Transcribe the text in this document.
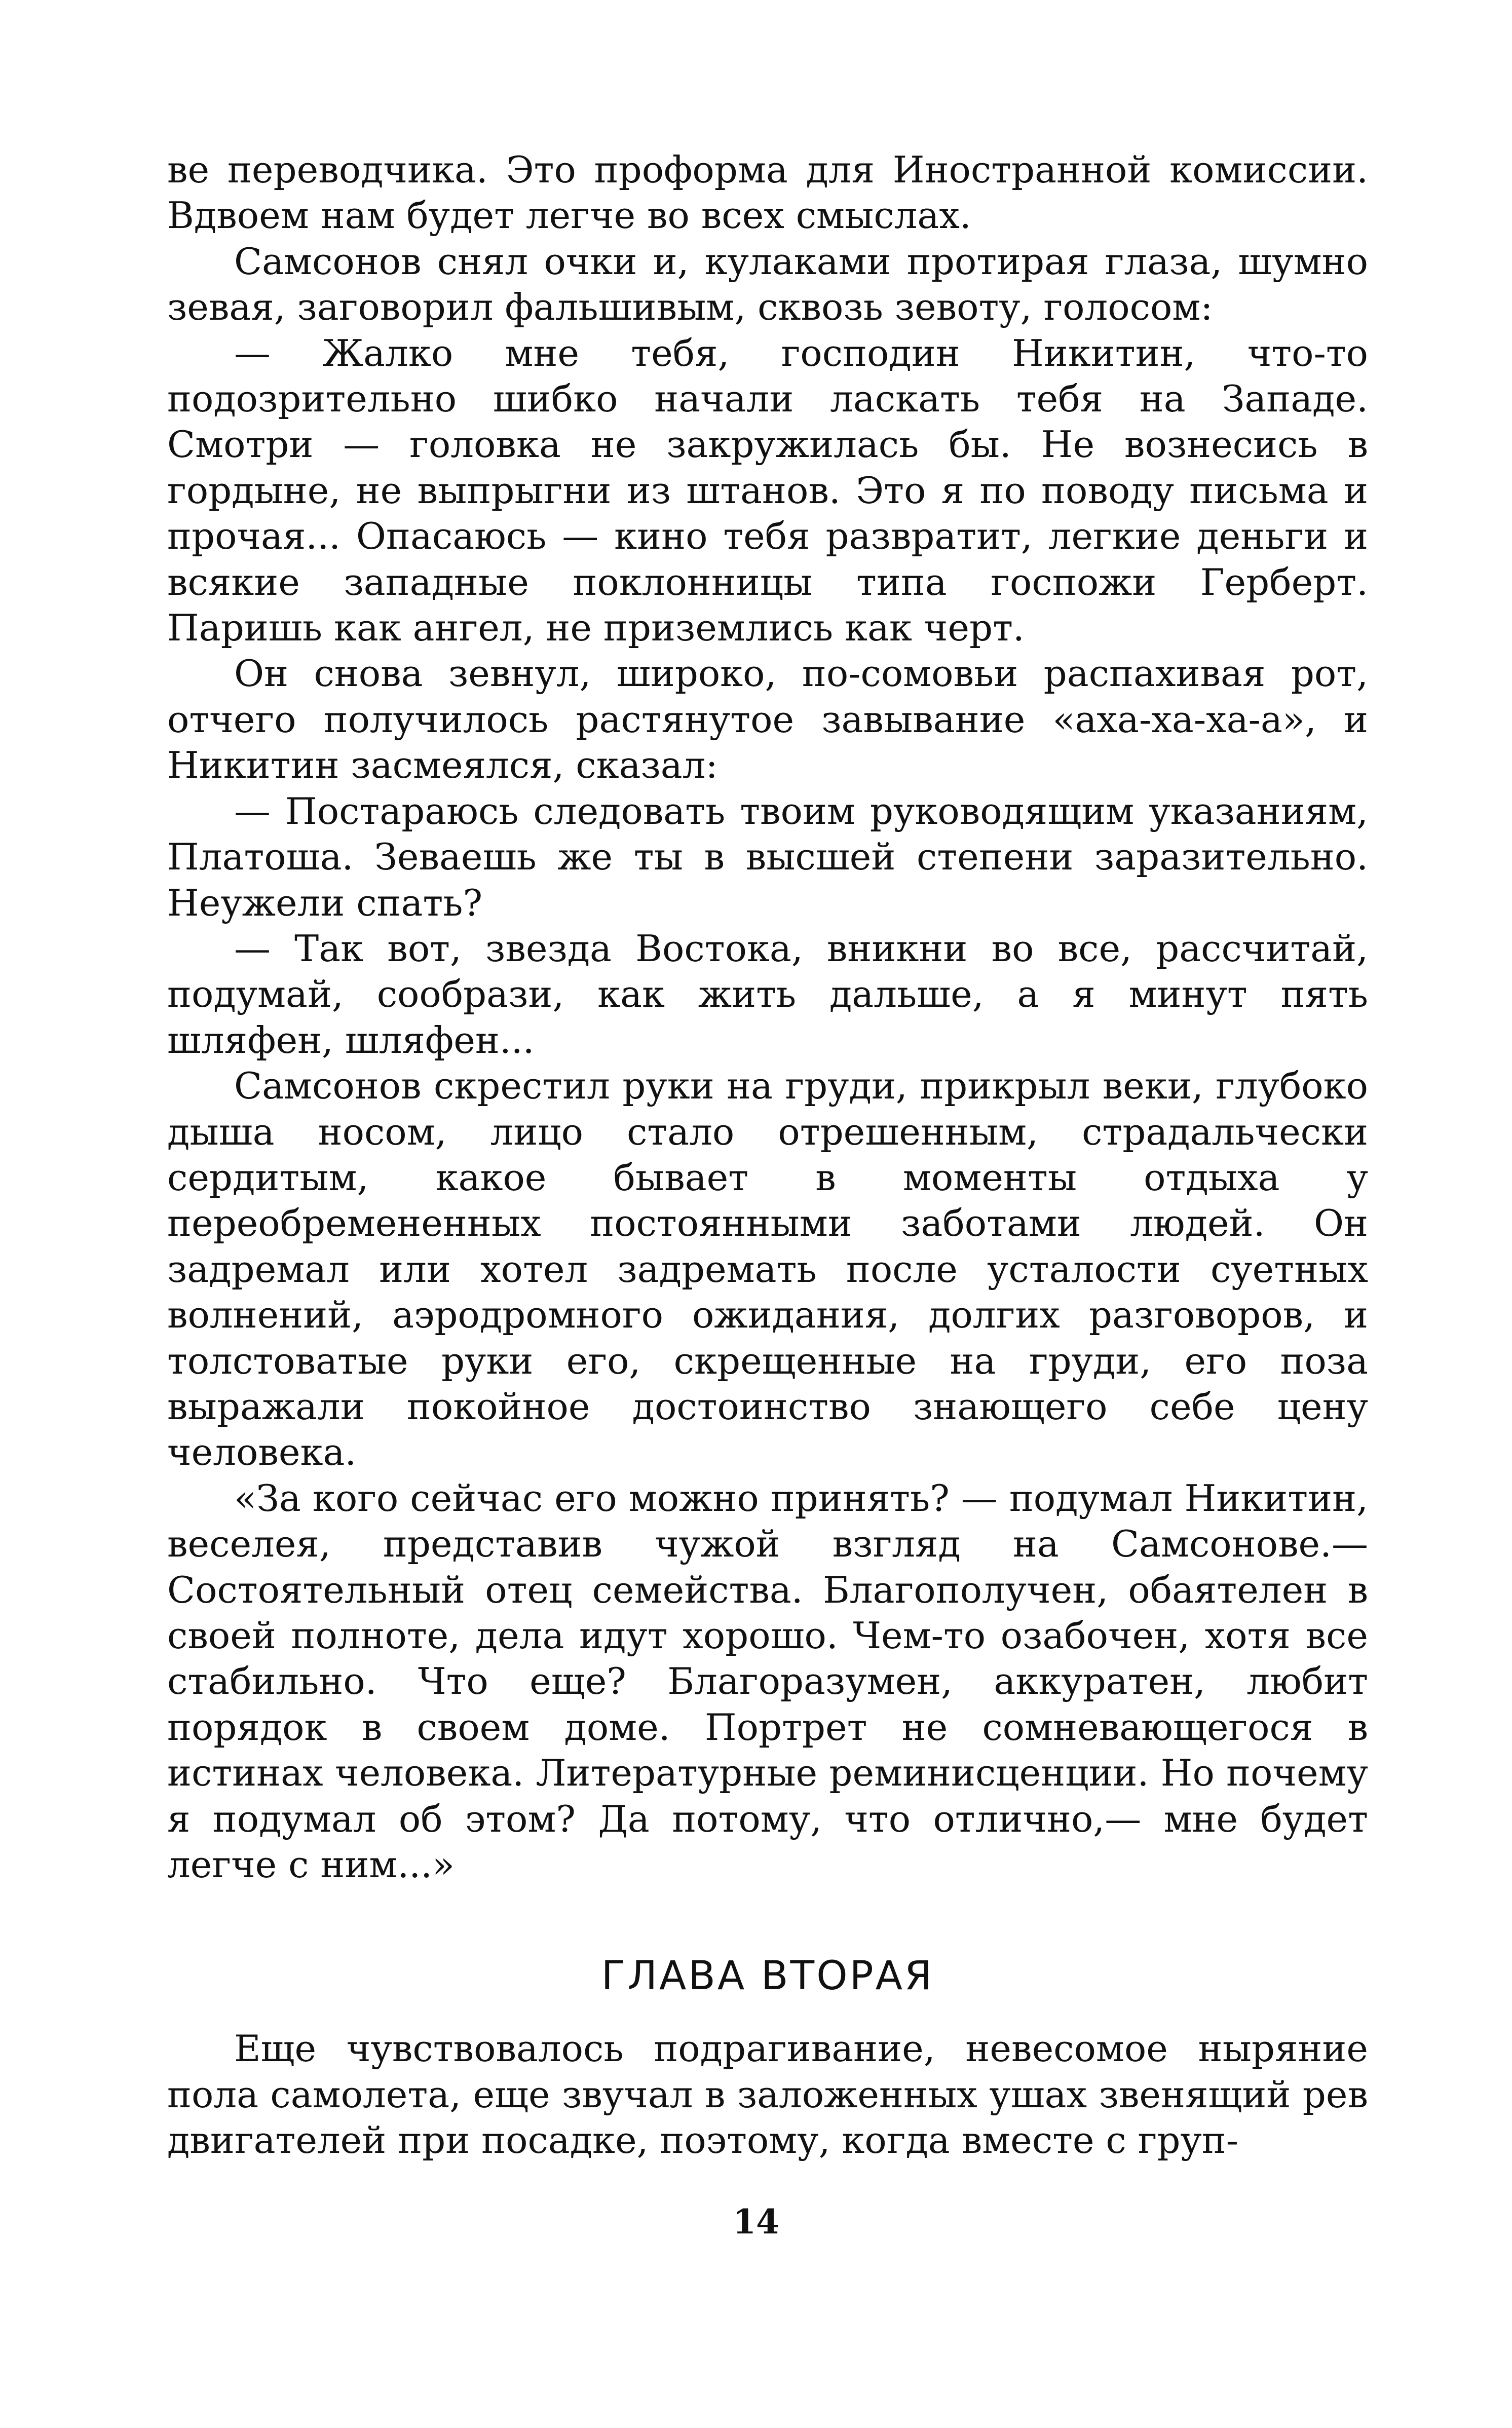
ве переводчика. Это проформа для Иностранной комиссии. Вдвоем нам будет легче во всех смыслах.

Самсонов снял очки и, кулаками протирая глаза, шумно зевая, заговорил фальшивым, сквозь зевоту, голосом:

— Жалко мне тебя, господин Никитин, что-то подозрительно шибко начали ласкать тебя на Западе. Смотри — головка не закружилась бы. Не вознесись в гордыне, не выпрыгни из штанов. Это я по поводу письма и прочая... Опасаюсь — кино тебя развратит, легкие деньги и всякие западные поклонницы типа госпожи Герберт. Паришь как ангел, не приземлись как черт.

Он снова зевнул, широко, по-сомовьи распахивая рот, отчего получилось растянутое завывание «аха-ха-ха-а», и Никитин засмеялся, сказал:

— Постараюсь следовать твоим руководящим указаниям, Платоша. Зеваешь же ты в высшей степени заразительно. Неужели спать?

— Так вот, звезда Востока, вникни во все, рассчитай, подумай, сообрази, как жить дальше, а я минут пять шляфен, шляфен...

Самсонов скрестил руки на груди, прикрыл веки, глубоко дыша носом, лицо стало отрешенным, страдальчески сердитым, какое бывает в моменты отдыха у переобремененных постоянными заботами людей. Он задремал или хотел задремать после усталости суетных волнений, аэродромного ожидания, долгих разговоров, и толстоватые руки его, скрещенные на груди, его поза выражали покойное достоинство знающего себе цену человека.

«За кого сейчас его можно принять? — подумал Никитин, веселея, представив чужой взгляд на Самсонове.— Состоятельный отец семейства. Благополучен, обаятелен в своей полноте, дела идут хорошо. Чем-то озабочен, хотя все стабильно. Что еще? Благоразумен, аккуратен, любит порядок в своем доме. Портрет не сомневающегося в истинах человека. Литературные реминисценции. Но почему я подумал об этом? Да потому, что отлично,— мне будет легче с ним...»

ГЛАВА ВТОРАЯ

Еще чувствовалось подрагивание, невесомое ныряние пола самолета, еще звучал в заложенных ушах звенящий рев двигателей при посадке, поэтому, когда вместе с груп-

14
